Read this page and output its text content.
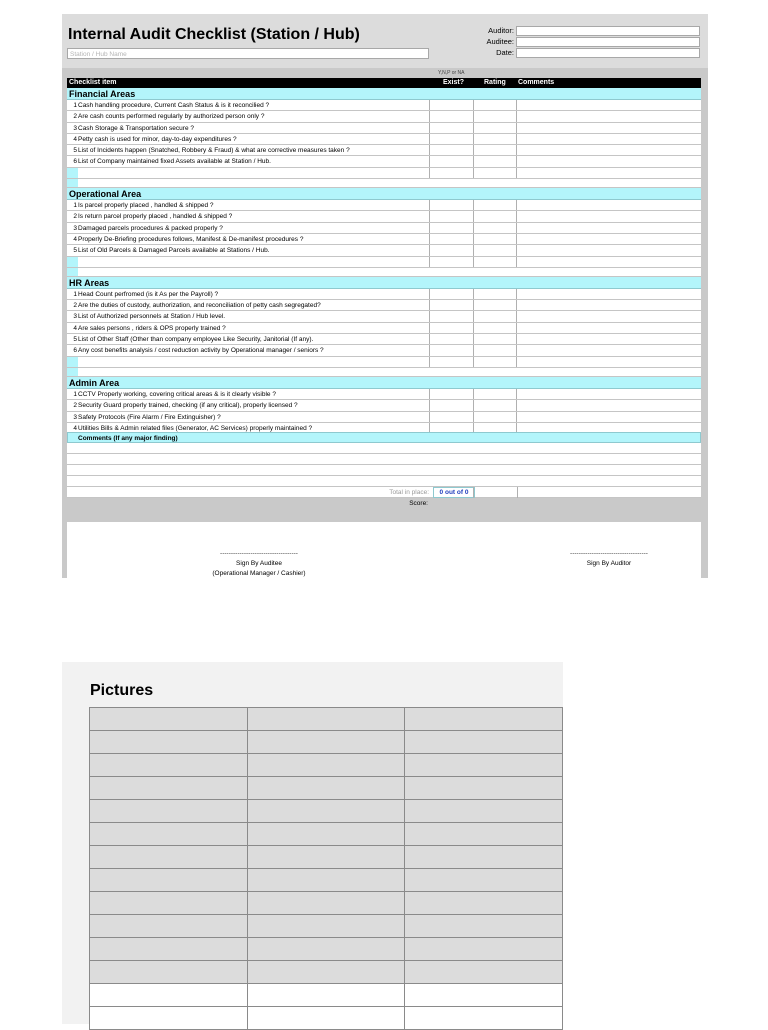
Internal Audit Checklist (Station / Hub)
Station / Hub Name
Auditor:
Auditee:
Date:
Y,N,P or NA	1-5 Rating
Checklist item	Exist?	Rating Comments
Financial Areas
1 Cash handling procedure, Current Cash Status & is it reconcilied ?
2 Are cash counts performed regularly by authorized person only ?
3 Cash Storage & Transportation secure ?
4 Petty cash is used for minor, day-to-day expenditures ?
5 List of Incidents happen (Snatched, Robbery & Fraud) & what are corrective measures taken ?
6 List of Company maintained fixed Assets available at Station / Hub.
Operational Area
1 Is parcel properly placed , handled & shipped ?
2 Is return parcel properly placed , handled & shipped ?
3 Damaged parcels procedures & packed properly ?
4 Properly De-Briefing procedures follows, Manifest & De-manifest procedures ?
5 List of Old Parcels & Damaged Parcels available at Stations / Hub.
HR Areas
1 Head Count perfromed (is it As per the Payroll) ?
2 Are the duties of custody, authorization, and reconciliation of petty cash segregated?
3 List of Authorized personnels at Station / Hub level.
4 Are sales persons , riders & OPS properly trained ?
5 List of Other Staff (Other than company employee Like Security, Janitorial (If any).
6 Any cost benefits analysis / cost reduction activity by Operational manager / seniors ?
Admin Area
1 CCTV Properly working, covering critical areas & is it clearly visible ?
2 Security Guard properly trained, checking (if any critical), properly licensed ?
3 Safety Protocols (Fire Alarm / Fire Extinguisher) ?
4 Utilities Bills & Admin related files (Generator, AC Services) properly maintained ?
Comments (If any major finding)
Total in place:	0 out of 0
Score:
------------------------------------
Sign By Auditee
(Operational Manager / Cashier)
------------------------------------
Sign By Auditor
Pictures
